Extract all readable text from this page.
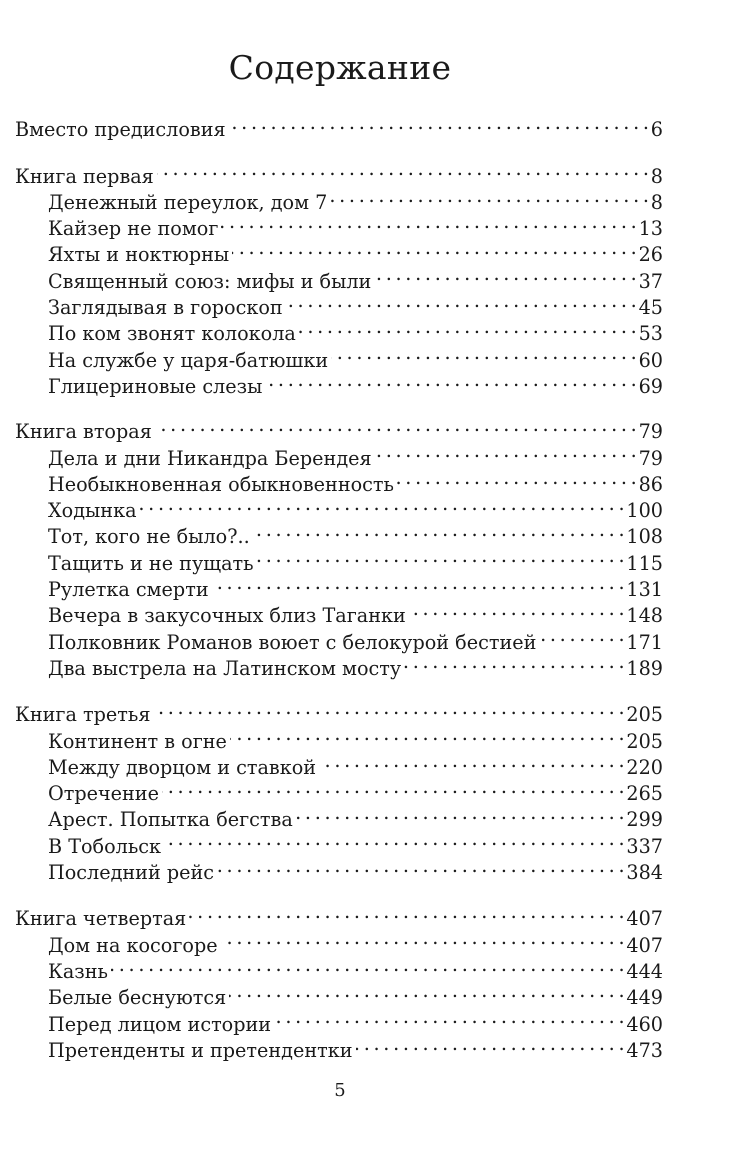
Содержание
Вместо предисловия . . .	6
Книга первая . . .	8
Денежный переулок, дом 7 . . .	8
Кайзер не помог . . .	13
Яхты и ноктюрны . . .	26
Священный союз: мифы и были . . .	37
Заглядывая в гороскоп . . .	45
По ком звонят колокола . . .	53
На службе у царя-батюшки . . .	60
Глицериновые слезы . . .	69
Книга вторая . . .	79
Дела и дни Никандра Берендея . . .	79
Необыкновенная обыкновенность . . .	86
Ходынка . . .	100
Тот, кого не было?.. . . .	108
Тащить и не пущать . . .	115
Рулетка смерти . . .	131
Вечера в закусочных близ Таганки . . .	148
Полковник Романов воюет с белокурой бестией . . .	171
Два выстрела на Латинском мосту . . .	189
Книга третья . . .	205
Континент в огне . . .	205
Между дворцом и ставкой . . .	220
Отречение . . .	265
Арест. Попытка бегства . . .	299
В Тобольск . . .	337
Последний рейс . . .	384
Книга четвертая . . .	407
Дом на косогоре . . .	407
Казнь . . .	444
Белые беснуются . . .	449
Перед лицом истории . . .	460
Претенденты и претендентки . . .	473
5
